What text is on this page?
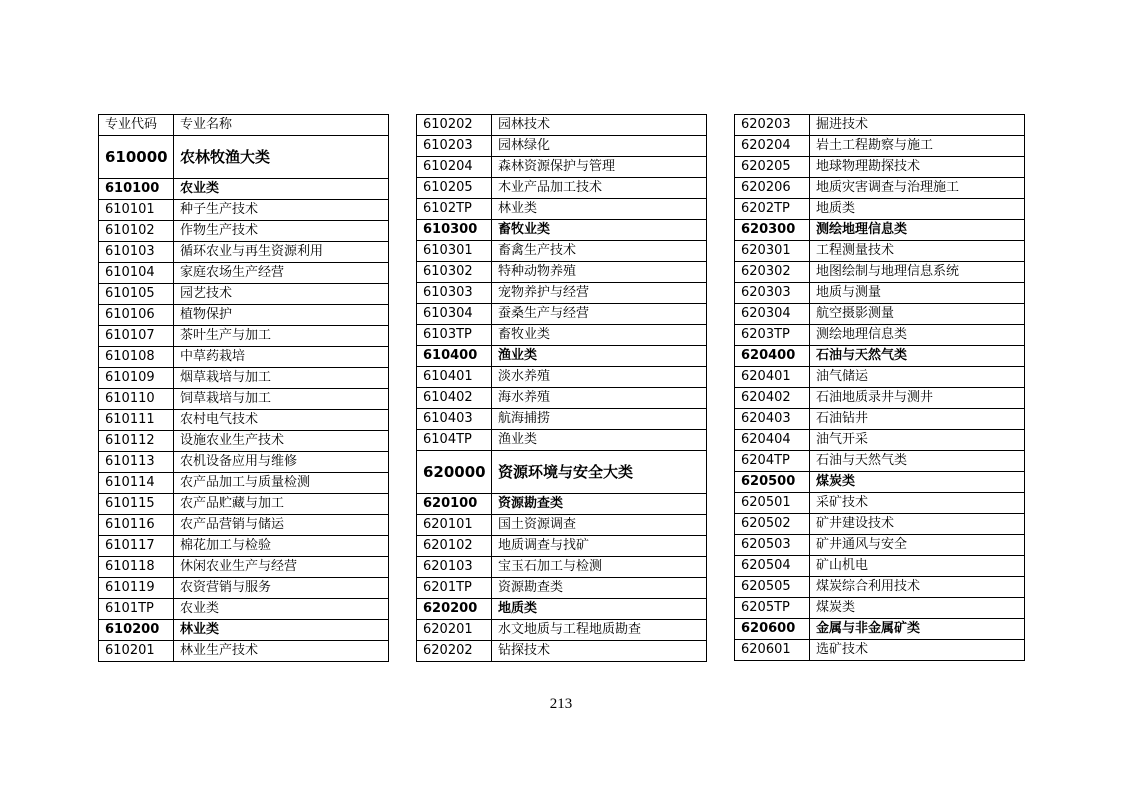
专业代码	专业名称
610000	农林牧渔大类
610100	农业类
610101	种子生产技术
610102	作物生产技术
610103	循环农业与再生资源利用
610104	家庭农场生产经营
610105	园艺技术
610106	植物保护
610107	茶叶生产与加工
610108	中草药栽培
610109	烟草栽培与加工
610110	饲草栽培与加工
610111	农村电气技术
610112	设施农业生产技术
610113	农机设备应用与维修
610114	农产品加工与质量检测
610115	农产品贮藏与加工
610116	农产品营销与储运
610117	棉花加工与检验
610118	休闲农业生产与经营
610119	农资营销与服务
6101TP	农业类
610200	林业类
610201	林业生产技术
610202	园林技术
610203	园林绿化
610204	森林资源保护与管理
610205	木业产品加工技术
6102TP	林业类
610300	畜牧业类
610301	畜禽生产技术
610302	特种动物养殖
610303	宠物养护与经营
610304	蚕桑生产与经营
6103TP	畜牧业类
610400	渔业类
610401	淡水养殖
610402	海水养殖
610403	航海捕捞
6104TP	渔业类
620000	资源环境与安全大类
620100	资源勘查类
620101	国土资源调查
620102	地质调查与找矿
620103	宝玉石加工与检测
6201TP	资源勘查类
620200	地质类
620201	水文地质与工程地质勘查
620202	钻探技术
620203	掘进技术
620204	岩土工程勘察与施工
620205	地球物理勘探技术
620206	地质灾害调查与治理施工
6202TP	地质类
620300	测绘地理信息类
620301	工程测量技术
620302	地图绘制与地理信息系统
620303	地质与测量
620304	航空摄影测量
6203TP	测绘地理信息类
620400	石油与天然气类
620401	油气储运
620402	石油地质录井与测井
620403	石油钻井
620404	油气开采
6204TP	石油与天然气类
620500	煤炭类
620501	采矿技术
620502	矿井建设技术
620503	矿井通风与安全
620504	矿山机电
620505	煤炭综合利用技术
6205TP	煤炭类
620600	金属与非金属矿类
620601	选矿技术
213
